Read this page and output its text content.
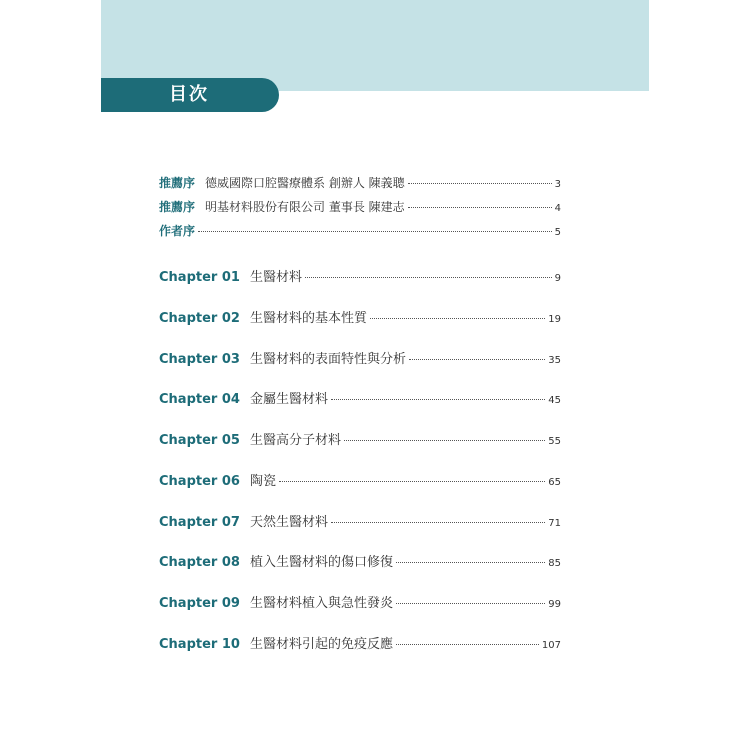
目次
推薦序 德威國際口腔醫療體系 創辦人 陳義聰	3
推薦序 明基材料股份有限公司 董事長 陳建志	4
作者序	5
Chapter 01 生醫材料	9
Chapter 02 生醫材料的基本性質	19
Chapter 03 生醫材料的表面特性與分析	35
Chapter 04 金屬生醫材料	45
Chapter 05 生醫高分子材料	55
Chapter 06 陶瓷	65
Chapter 07 天然生醫材料	71
Chapter 08 植入生醫材料的傷口修復	85
Chapter 09 生醫材料植入與急性發炎	99
Chapter 10 生醫材料引起的免疫反應	107
